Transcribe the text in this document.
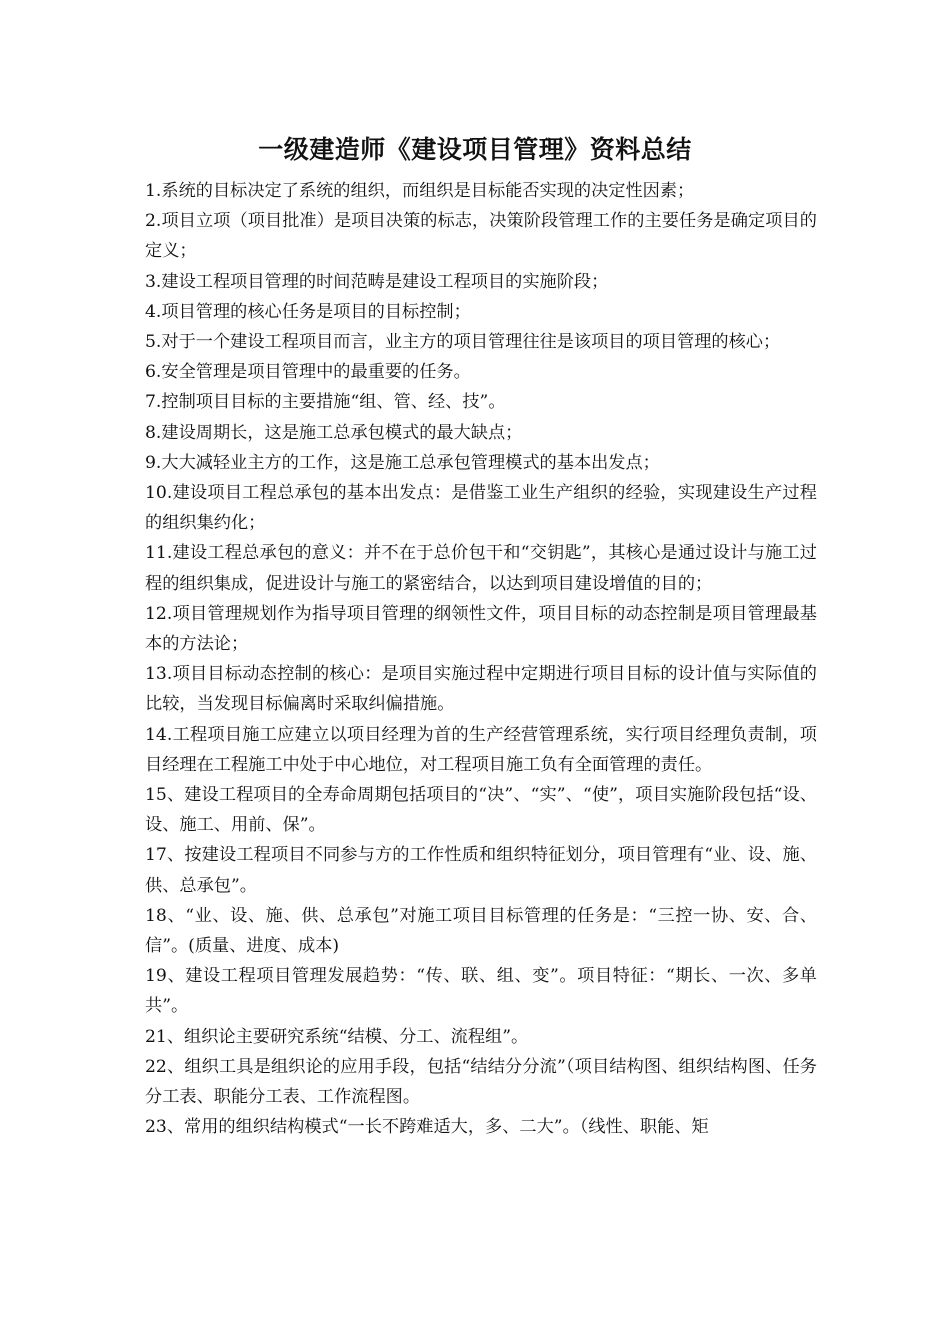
一级建造师《建设项目管理》资料总结

1.系统的目标决定了系统的组织，而组织是目标能否实现的决定性因素；

2.项目立项（项目批准）是项目决策的标志，决策阶段管理工作的主要任务是确定项目的定义；

3.建设工程项目管理的时间范畴是建设工程项目的实施阶段；

4.项目管理的核心任务是项目的目标控制；

5.对于一个建设工程项目而言，业主方的项目管理往往是该项目的项目管理的核心；

6.安全管理是项目管理中的最重要的任务。

7.控制项目目标的主要措施“组、管、经、技”。

8.建设周期长，这是施工总承包模式的最大缺点；

9.大大减轻业主方的工作，这是施工总承包管理模式的基本出发点；

10.建设项目工程总承包的基本出发点：是借鉴工业生产组织的经验，实现建设生产过程的组织集约化；

11.建设工程总承包的意义：并不在于总价包干和“交钥匙”，其核心是通过设计与施工过程的组织集成，促进设计与施工的紧密结合，以达到项目建设增值的目的；

12.项目管理规划作为指导项目管理的纲领性文件，项目目标的动态控制是项目管理最基本的方法论；

13.项目目标动态控制的核心：是项目实施过程中定期进行项目目标的设计值与实际值的比较，当发现目标偏离时采取纠偏措施。

14.工程项目施工应建立以项目经理为首的生产经营管理系统，实行项目经理负责制，项目经理在工程施工中处于中心地位，对工程项目施工负有全面管理的责任。

15、建设工程项目的全寿命周期包括项目的“决”、“实”、“使”，项目实施阶段包括“设、设、施工、用前、保”。

17、按建设工程项目不同参与方的工作性质和组织特征划分，项目管理有“业、设、施、供、总承包”。

18、“业、设、施、供、总承包”对施工项目目标管理的任务是：“三控一协、安、合、信”。(质量、进度、成本)

19、建设工程项目管理发展趋势：“传、联、组、变”。项目特征：“期长、一次、多单共”。

21、组织论主要研究系统“结模、分工、流程组”。

22、组织工具是组织论的应用手段，包括“结结分分流”（项目结构图、组织结构图、任务分工表、职能分工表、工作流程图。

23、常用的组织结构模式“一长不跨难适大，多、二大”。（线性、职能、矩
